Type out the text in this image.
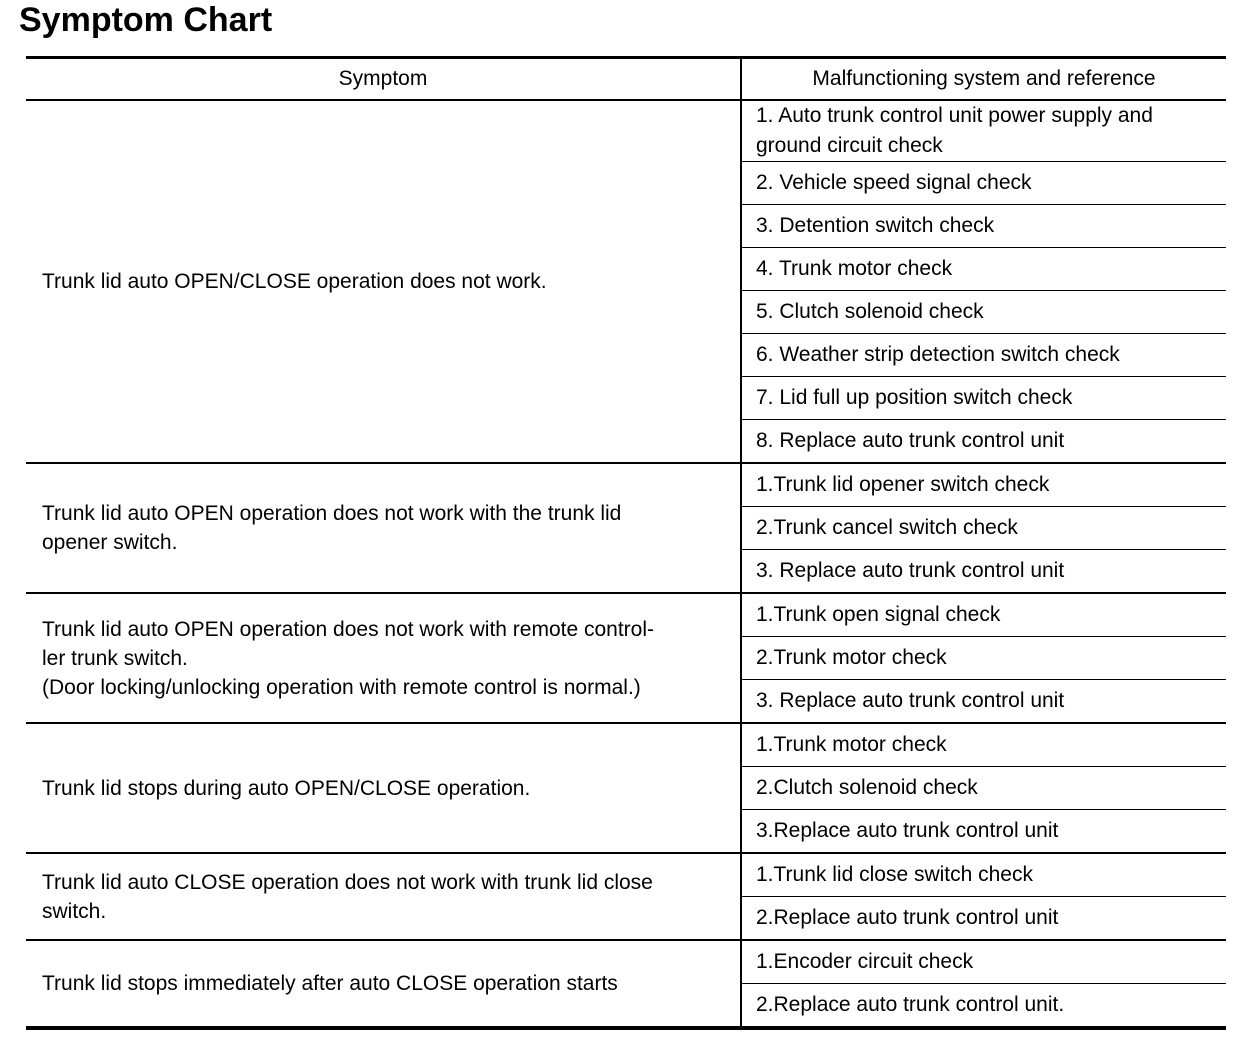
Symptom Chart
Symptom	Malfunctioning system and reference
Trunk lid auto OPEN/CLOSE operation does not work.	1. Auto trunk control unit power supply and ground circuit check
	2. Vehicle speed signal check
	3. Detention switch check
	4. Trunk motor check
	5. Clutch solenoid check
	6. Weather strip detection switch check
	7. Lid full up position switch check
	8. Replace auto trunk control unit
Trunk lid auto OPEN operation does not work with the trunk lid
opener switch.	1.Trunk lid opener switch check
	2.Trunk cancel switch check
	3. Replace auto trunk control unit
Trunk lid auto OPEN operation does not work with remote control-
ler trunk switch.
(Door locking/unlocking operation with remote control is normal.)	1.Trunk open signal check
	2.Trunk motor check
	3. Replace auto trunk control unit
Trunk lid stops during auto OPEN/CLOSE operation.	1.Trunk motor check
	2.Clutch solenoid check
	3.Replace auto trunk control unit
Trunk lid auto CLOSE operation does not work with trunk lid close
switch.	1.Trunk lid close switch check
	2.Replace auto trunk control unit
Trunk lid stops immediately after auto CLOSE operation starts	1.Encoder circuit check
	2.Replace auto trunk control unit.
